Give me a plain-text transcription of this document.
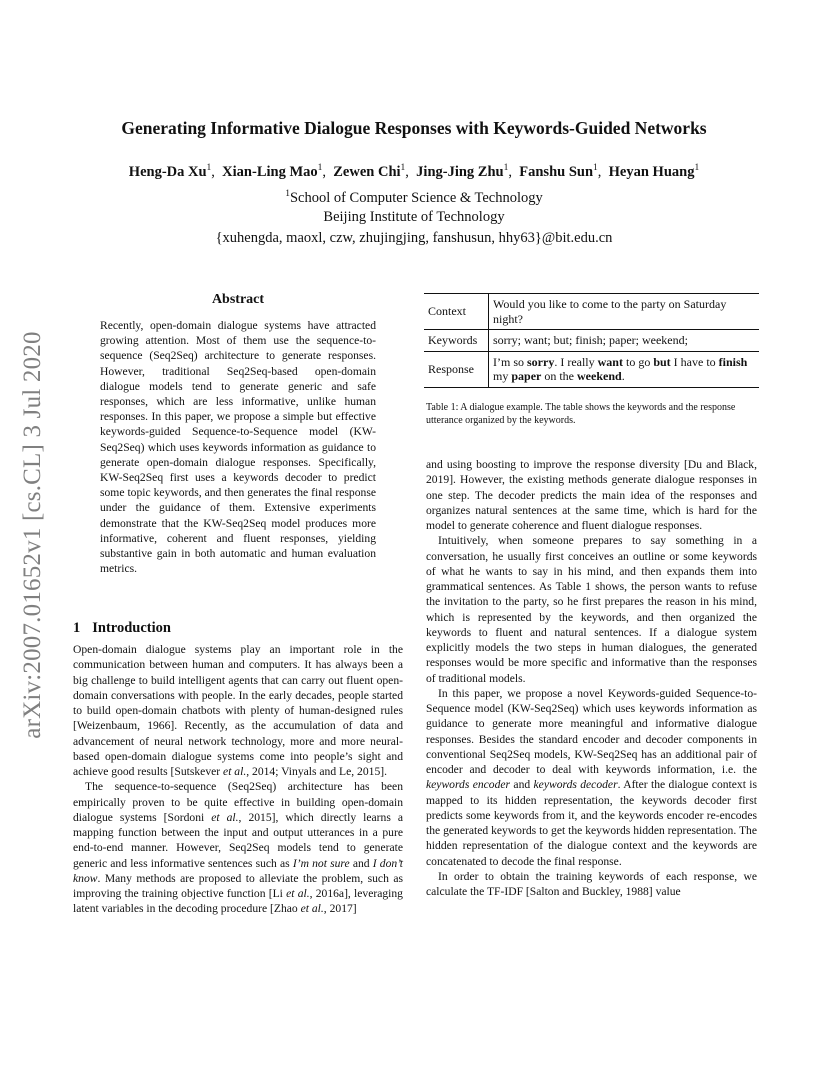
arXiv:2007.01652v1 [cs.CL] 3 Jul 2020
Generating Informative Dialogue Responses with Keywords-Guided Networks
Heng-Da Xu$^1$,  Xian-Ling Mao$^1$,  Zewen Chi$^1$,  Jing-Jing Zhu$^1$,  Fanshu Sun$^1$,  Heyan Huang$^1$
$^1$School of Computer Science & Technology
Beijing Institute of Technology
{xuhengda, maoxl, czw, zhujingjing, fanshusun, hhy63}@bit.edu.cn
Abstract
Recently, open-domain dialogue systems have attracted growing attention. Most of them use the sequence-to-sequence (Seq2Seq) architecture to generate responses. However, traditional Seq2Seq-based open-domain dialogue models tend to generate generic and safe responses, which are less informative, unlike human responses. In this paper, we propose a simple but effective keywords-guided Sequence-to-Sequence model (KW-Seq2Seq) which uses keywords information as guidance to generate open-domain dialogue responses. Specifically, KW-Seq2Seq first uses a keywords decoder to predict some topic keywords, and then generates the final response under the guidance of them. Extensive experiments demonstrate that the KW-Seq2Seq model produces more informative, coherent and fluent responses, yielding substantive gain in both automatic and human evaluation metrics.
1 Introduction

Open-domain dialogue systems play an important role in the communication between human and computers. It has always been a big challenge to build intelligent agents that can carry out fluent open-domain conversations with people. In the early decades, people started to build open-domain chatbots with plenty of human-designed rules [Weizenbaum, 1966]. Recently, as the accumulation of data and advancement of neural network technology, more and more neural-based open-domain dialogue systems come into people’s sight and achieve good results [Sutskever et al., 2014; Vinyals and Le, 2015].

The sequence-to-sequence (Seq2Seq) architecture has been empirically proven to be quite effective in building open-domain dialogue systems [Sordoni et al., 2015], which directly learns a mapping function between the input and output utterances in a pure end-to-end manner. However, Seq2Seq models tend to generate generic and less informative sentences such as I’m not sure and I don’t know. Many methods are proposed to alleviate the problem, such as improving the training objective function [Li et al., 2016a], leveraging latent variables in the decoding procedure [Zhao et al., 2017]

Context	Would you like to come to the party on Saturday night?
Keywords	sorry; want; but; finish; paper; weekend;
Response	I’m so sorry. I really want to go but I have to finish my paper on the weekend.
Table 1: A dialogue example. The table shows the keywords and the response utterance organized by the keywords.

and using boosting to improve the response diversity [Du and Black, 2019]. However, the existing methods generate dialogue responses in one step. The decoder predicts the main idea of the responses and organizes natural sentences at the same time, which is hard for the model to generate coherence and fluent dialogue responses.

Intuitively, when someone prepares to say something in a conversation, he usually first conceives an outline or some keywords of what he wants to say in his mind, and then expands them into grammatical sentences. As Table 1 shows, the person wants to refuse the invitation to the party, so he first prepares the reason in his mind, which is represented by the keywords, and then organized the keywords to fluent and natural sentences. If a dialogue system explicitly models the two steps in human dialogues, the generated responses would be more specific and informative than the responses of traditional models.

In this paper, we propose a novel Keywords-guided Sequence-to-Sequence model (KW-Seq2Seq) which uses keywords information as guidance to generate more meaningful and informative dialogue responses. Besides the standard encoder and decoder components in conventional Seq2Seq models, KW-Seq2Seq has an additional pair of encoder and decoder to deal with keywords information, i.e. the keywords encoder and keywords decoder. After the dialogue context is mapped to its hidden representation, the keywords decoder first predicts some keywords from it, and the keywords encoder re-encodes the generated keywords to get the keywords hidden representation. The hidden representation of the dialogue context and the keywords are concatenated to decode the final response.

In order to obtain the training keywords of each response, we calculate the TF-IDF [Salton and Buckley, 1988] value
